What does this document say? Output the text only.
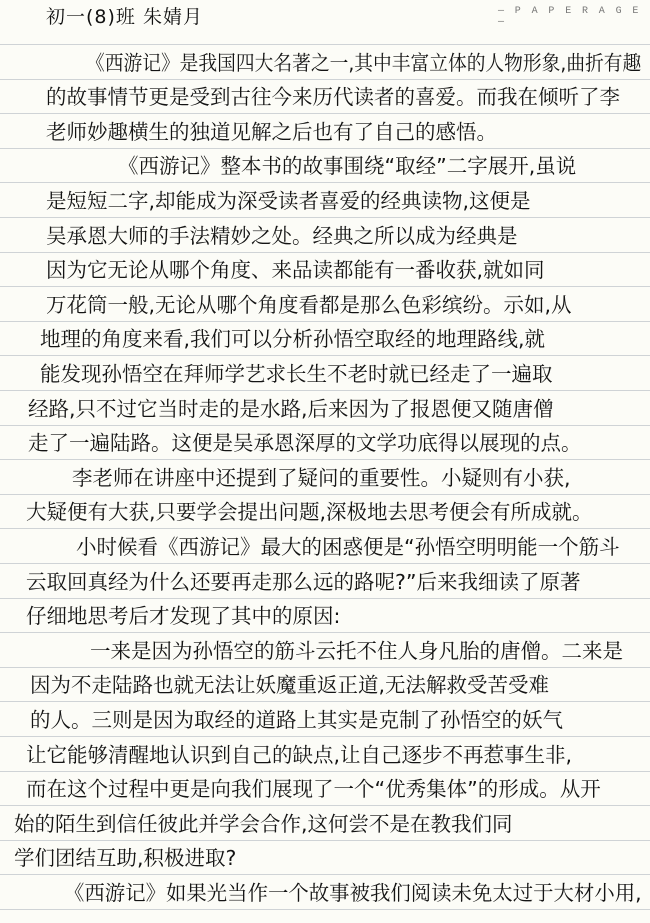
初一(8)班 朱婧月	— P A P E R A G E —
《西游记》是我国四大名著之一,其中丰富立体的人物形象,曲折有趣
的故事情节更是受到古往今来历代读者的喜爱。而我在倾听了李
老师妙趣横生的独道见解之后也有了自己的感悟。
《西游记》整本书的故事围绕“取经”二字展开,虽说
是短短二字,却能成为深受读者喜爱的经典读物,这便是
吴承恩大师的手法精妙之处。经典之所以成为经典是
因为它无论从哪个角度、来品读都能有一番收获,就如同
万花筒一般,无论从哪个角度看都是那么色彩缤纷。示如,从
地理的角度来看,我们可以分析孙悟空取经的地理路线,就
能发现孙悟空在拜师学艺求长生不老时就已经走了一遍取
经路,只不过它当时走的是水路,后来因为了报恩便又随唐僧
走了一遍陆路。这便是吴承恩深厚的文学功底得以展现的点。
李老师在讲座中还提到了疑问的重要性。小疑则有小获,
大疑便有大获,只要学会提出问题,深极地去思考便会有所成就。
小时候看《西游记》最大的困惑便是“孙悟空明明能一个筋斗
云取回真经为什么还要再走那么远的路呢?”后来我细读了原著
仔细地思考后才发现了其中的原因:
一来是因为孙悟空的筋斗云托不住人身凡胎的唐僧。二来是
因为不走陆路也就无法让妖魔重返正道,无法解救受苦受难
的人。三则是因为取经的道路上其实是克制了孙悟空的妖气
让它能够清醒地认识到自己的缺点,让自己逐步不再惹事生非,
而在这个过程中更是向我们展现了一个“优秀集体”的形成。从开
始的陌生到信任彼此并学会合作,这何尝不是在教我们同
学们团结互助,积极进取?
《西游记》如果光当作一个故事被我们阅读未免太过于大材小用,
